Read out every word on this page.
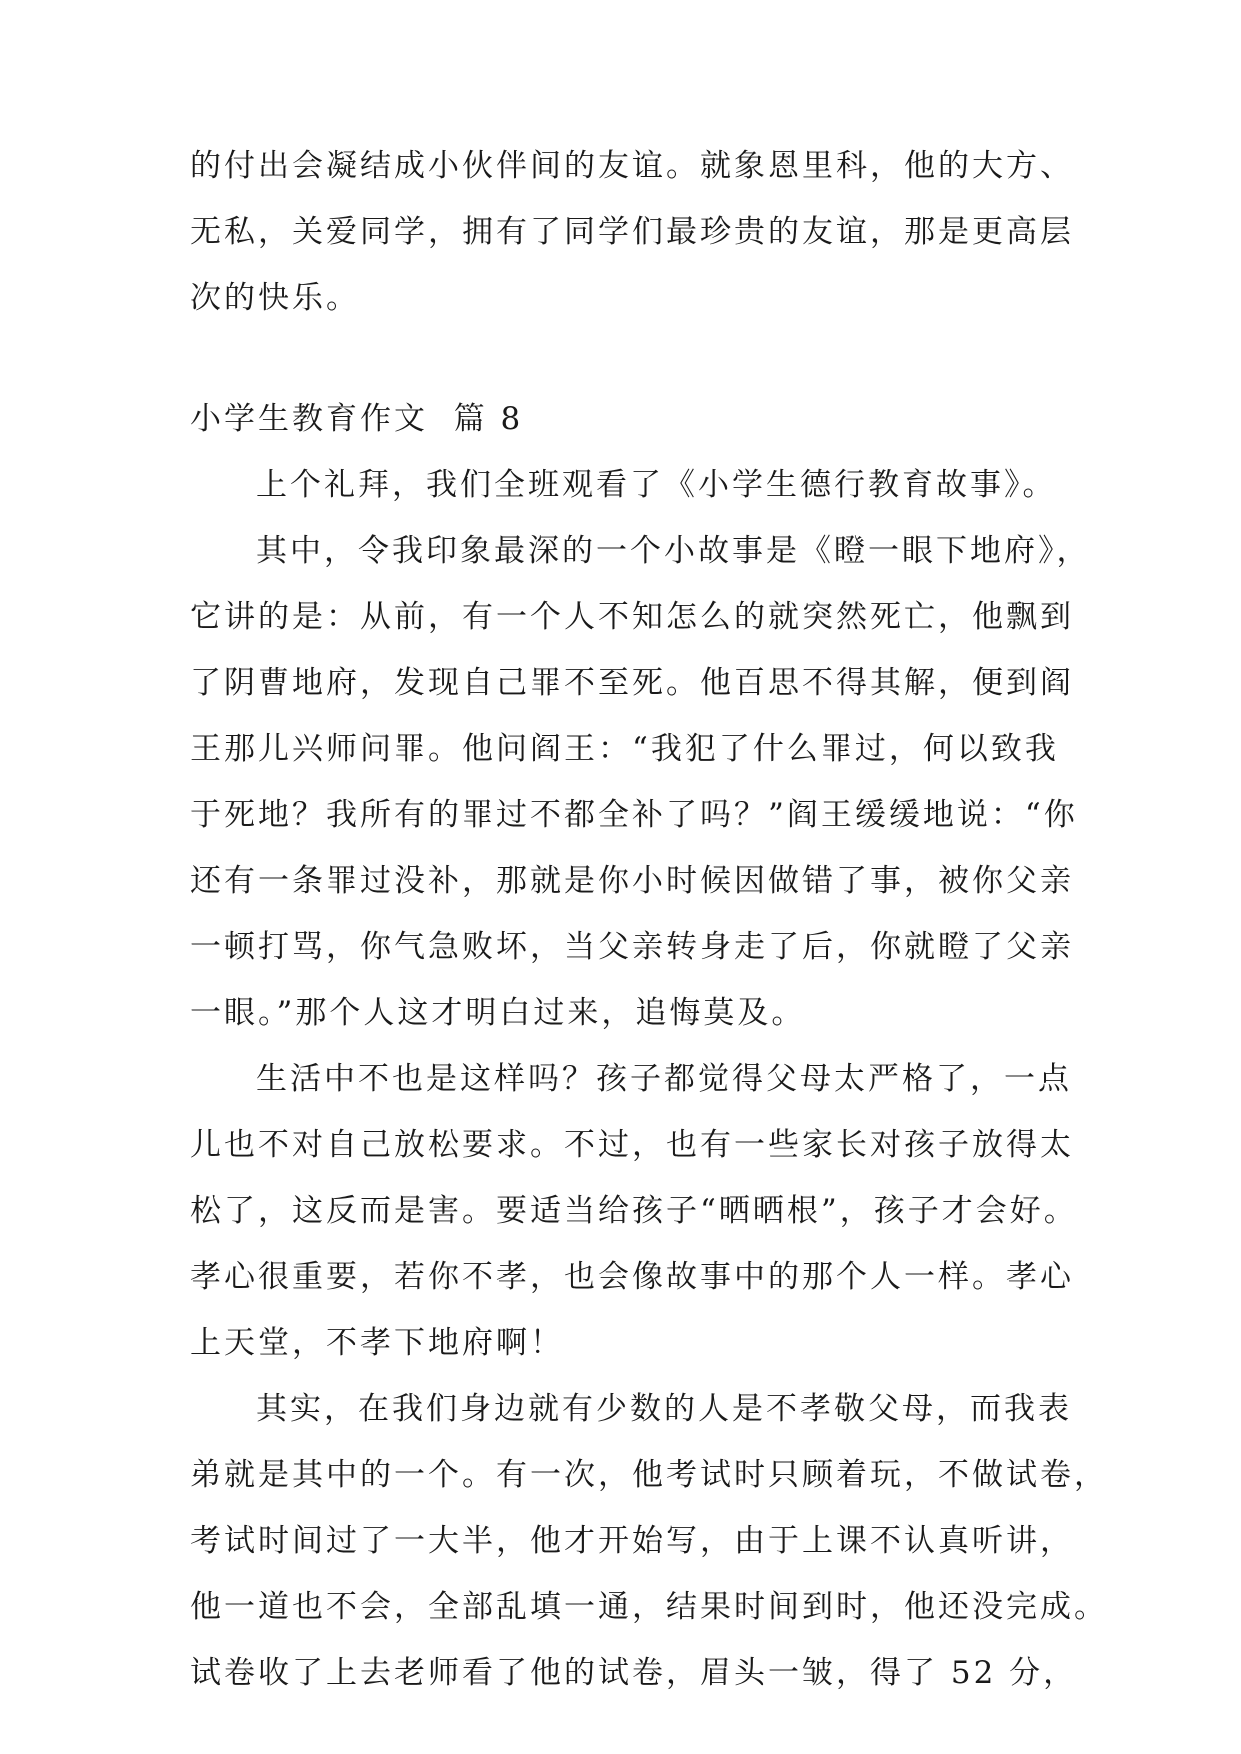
的付出会凝结成小伙伴间的友谊。就象恩里科，他的大方、
无私，关爱同学，拥有了同学们最珍贵的友谊，那是更高层
次的快乐。
小学生教育作文  篇 8
上个礼拜，我们全班观看了《小学生德行教育故事》。
其中，令我印象最深的一个小故事是《瞪一眼下地府》，
它讲的是：从前，有一个人不知怎么的就突然死亡，他飘到
了阴曹地府，发现自己罪不至死。他百思不得其解，便到阎
王那儿兴师问罪。他问阎王：“我犯了什么罪过，何以致我
于死地？我所有的罪过不都全补了吗？”阎王缓缓地说：“你
还有一条罪过没补，那就是你小时候因做错了事，被你父亲
一顿打骂，你气急败坏，当父亲转身走了后，你就瞪了父亲
一眼。”那个人这才明白过来，追悔莫及。
生活中不也是这样吗？孩子都觉得父母太严格了，一点
儿也不对自己放松要求。不过，也有一些家长对孩子放得太
松了，这反而是害。要适当给孩子“晒晒根”，孩子才会好。
孝心很重要，若你不孝，也会像故事中的那个人一样。孝心
上天堂，不孝下地府啊！
其实，在我们身边就有少数的人是不孝敬父母，而我表
弟就是其中的一个。有一次，他考试时只顾着玩，不做试卷，
考试时间过了一大半，他才开始写，由于上课不认真听讲，
他一道也不会，全部乱填一通，结果时间到时，他还没完成。
试卷收了上去老师看了他的试卷，眉头一皱，得了 52 分，
